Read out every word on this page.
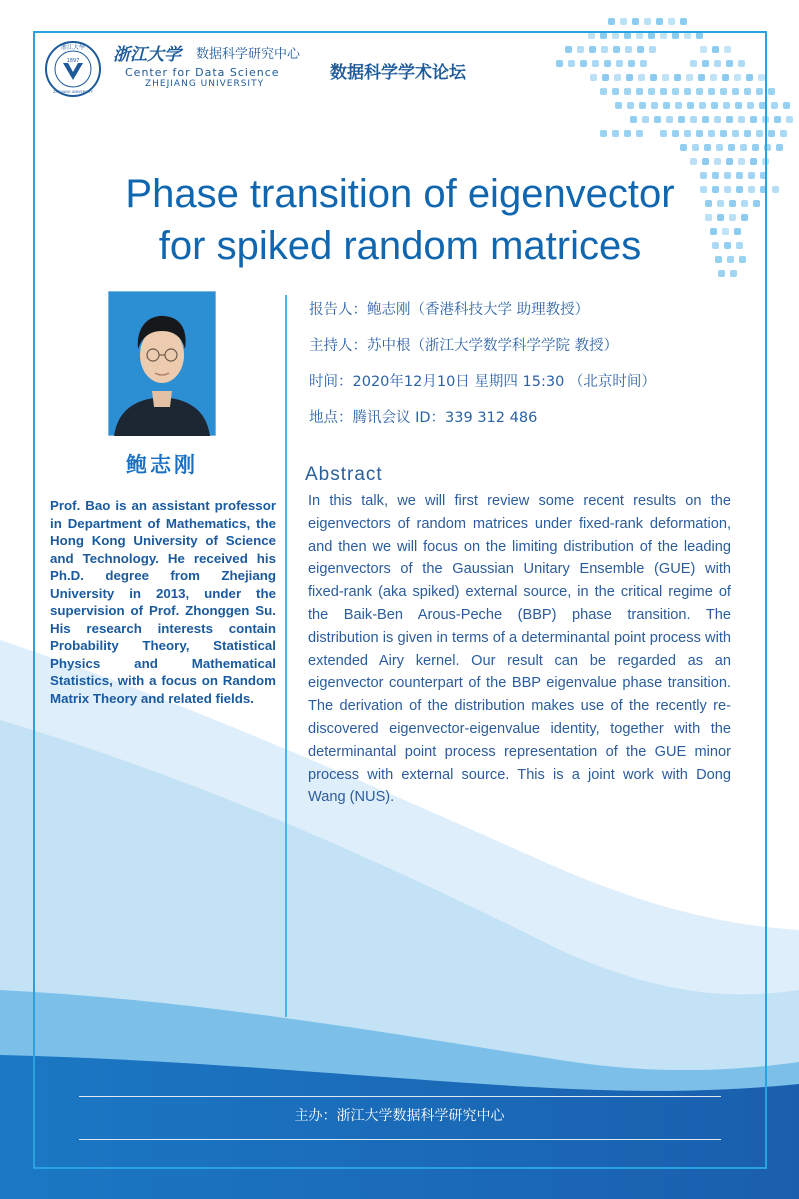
1897
浙江大學
ZHEJIANG UNIVERSITY
浙江大学 数据科学研究中心
Center for Data Science
ZHEJIANG UNIVERSITY
数据科学学术论坛
Phase transition of eigenvector
for spiked random matrices
鲍志刚
Prof. Bao is an assistant professor in Department of Mathematics, the Hong Kong University of Science and Technology. He received his Ph.D. degree from Zhejiang University in 2013, under the supervision of Prof. Zhonggen Su. His research interests contain Probability Theory, Statistical Physics and Mathematical Statistics, with a focus on Random Matrix Theory and related fields.
报告人：鲍志刚（香港科技大学 助理教授）
主持人：苏中根（浙江大学数学科学学院 教授）
时间：2020年12月10日 星期四 15:30 （北京时间）
地点：腾讯会议 ID：339 312 486
Abstract
In this talk, we will first review some recent results on the eigenvectors of random matrices under fixed-rank deformation, and then we will focus on the limiting distribution of the leading eigenvectors of the Gaussian Unitary Ensemble (GUE) with fixed-rank (aka spiked) external source, in the critical regime of the Baik-Ben Arous-Peche (BBP) phase transition. The distribution is given in terms of a determinantal point process with extended Airy kernel. Our result can be regarded as an eigenvector counterpart of the BBP eigenvalue phase transition. The derivation of the distribution makes use of the recently re-discovered eigenvector-eigenvalue identity, together with the determinantal point process representation of the GUE minor process with external source. This is a joint work with Dong Wang (NUS).
主办：浙江大学数据科学研究中心
